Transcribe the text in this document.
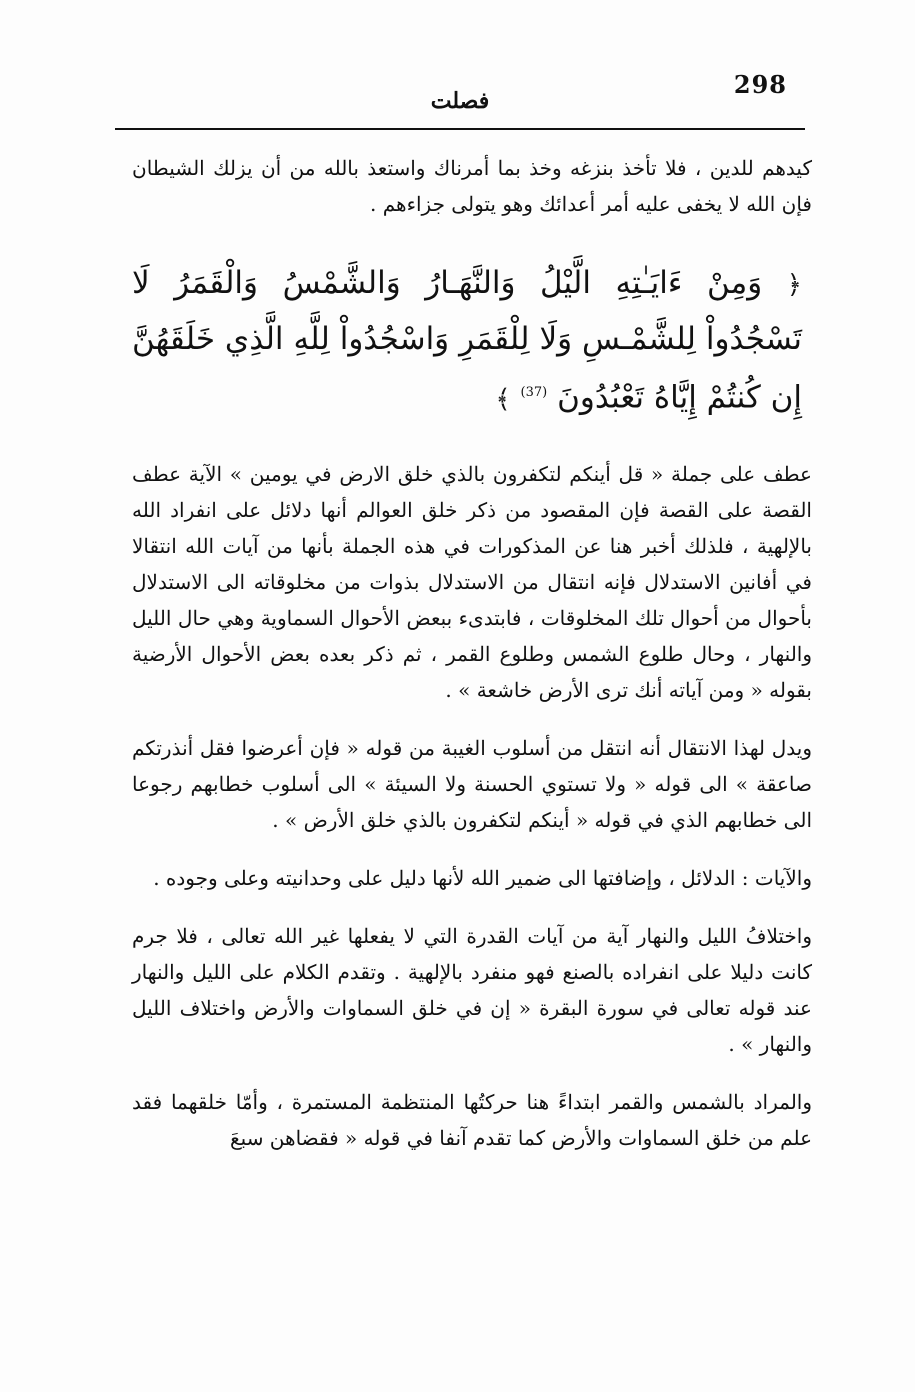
298
فصلت

كيدهم للدين ، فلا تأخذ بنزغه وخذ بما أمرناك واستعذ بالله من أن يزلك الشيطان فإن الله لا يخفى عليه أمر أعدائك وهو يتولى جزاءهم .

﴿ وَمِنْ ءَايَـٰتِهِ الَّيْلُ وَالنَّهَـارُ وَالشَّمْسُ وَالْقَمَرُ لَا تَسْجُدُواْ لِلشَّمْـسِ وَلَا لِلْقَمَرِ وَاسْجُدُواْ لِلَّهِ الَّذِي خَلَقَهُنَّ إِن كُنتُمْ إِيَّاهُ تَعْبُدُونَ $^{(37)}$ ﴾

عطف على جملة « قل أينكم لتكفرون بالذي خلق الارض في يومين » الآية عطف القصة على القصة فإن المقصود من ذكر خلق العوالم أنها دلائل على انفراد الله بالإلهية ، فلذلك أخبر هنا عن المذكورات في هذه الجملة بأنها من آيات الله انتقالا في أفانين الاستدلال فإنه انتقال من الاستدلال بذوات من مخلوقاته الى الاستدلال بأحوال من أحوال تلك المخلوقات ، فابتدىء ببعض الأحوال السماوية وهي حال الليل والنهار ، وحال طلوع الشمس وطلوع القمر ، ثم ذكر بعده بعض الأحوال الأرضية بقوله « ومن آياته أنك ترى الأرض خاشعة » .

ويدل لهذا الانتقال أنه انتقل من أسلوب الغيبة من قوله « فإن أعرضوا فقل أنذرتكم صاعقة » الى قوله « ولا تستوي الحسنة ولا السيئة » الى أسلوب خطابهم رجوعا الى خطابهم الذي في قوله « أينكم لتكفرون بالذي خلق الأرض » .

والآيات : الدلائل ، وإضافتها الى ضمير الله لأنها دليل على وحدانيته وعلى وجوده .

واختلافُ الليل والنهار آية من آيات القدرة التي لا يفعلها غير الله تعالى ، فلا جرم كانت دليلا على انفراده بالصنع فهو منفرد بالإلهية . وتقدم الكلام على الليل والنهار عند قوله تعالى في سورة البقرة « إن في خلق السماوات والأرض واختلاف الليل والنهار » .

والمراد بالشمس والقمر ابتداءً هنا حركتُها المنتظمة المستمرة ، وأمّا خلقهما فقد علم من خلق السماوات والأرض كما تقدم آنفا في قوله « فقضاهن سبعَ
